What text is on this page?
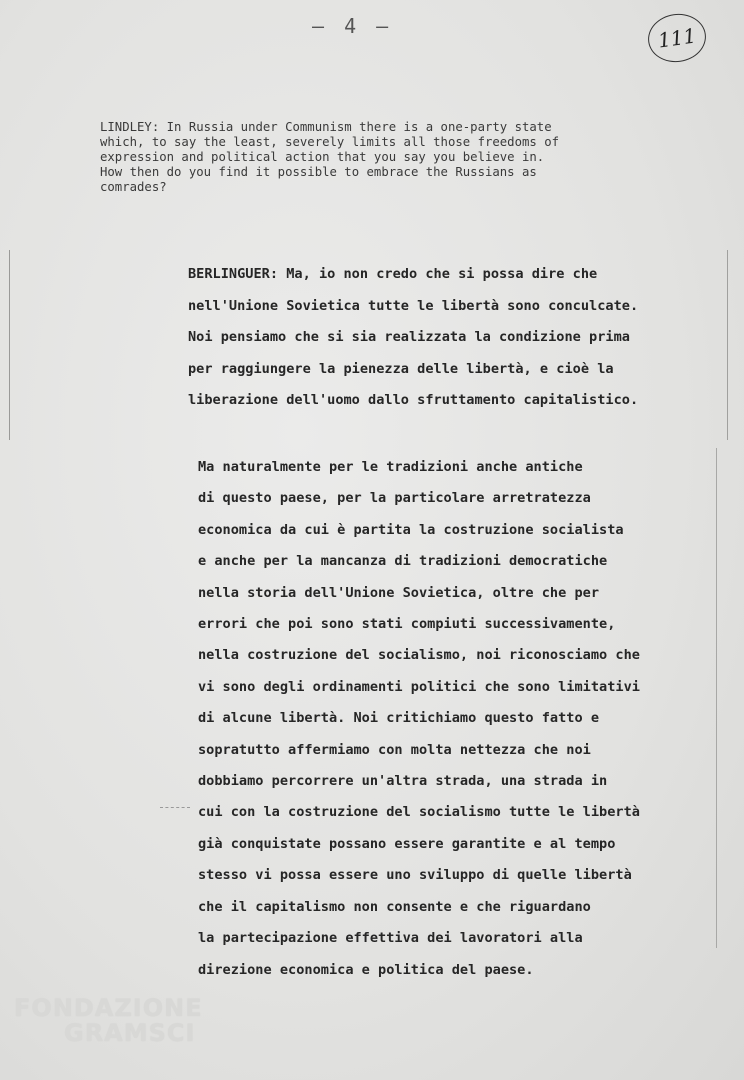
— 4 —	111

LINDLEY: In Russia under Communism there is a one-party state

which, to say the least, severely limits all those freedoms of

expression and political action that you say you believe in.

How then do you find it possible to embrace the Russians as

comrades?

BERLINGUER: Ma, io non credo che si possa dire che

nell'Unione Sovietica tutte le libertà sono conculcate.

Noi pensiamo che si sia realizzata la condizione prima

per raggiungere la pienezza delle libertà, e cioè la

liberazione dell'uomo dallo sfruttamento capitalistico.

Ma naturalmente per le tradizioni anche antiche

di questo paese, per la particolare arretratezza

economica da cui è partita la costruzione socialista

e anche per la mancanza di tradizioni democratiche

nella storia dell'Unione Sovietica, oltre che per

errori che poi sono stati compiuti successivamente,

nella costruzione del socialismo, noi riconosciamo che

vi sono degli ordinamenti politici che sono limitativi

di alcune libertà. Noi critichiamo questo fatto e

sopratutto affermiamo con molta nettezza che noi

dobbiamo percorrere un'altra strada, una strada in

cui con la costruzione del socialismo tutte le libertà

già conquistate possano essere garantite e al tempo

stesso vi possa essere uno sviluppo di quelle libertà

che il capitalismo non consente e che riguardano

la partecipazione effettiva dei lavoratori alla

direzione economica e politica del paese.

FONDAZIONE
GRAMSCI
